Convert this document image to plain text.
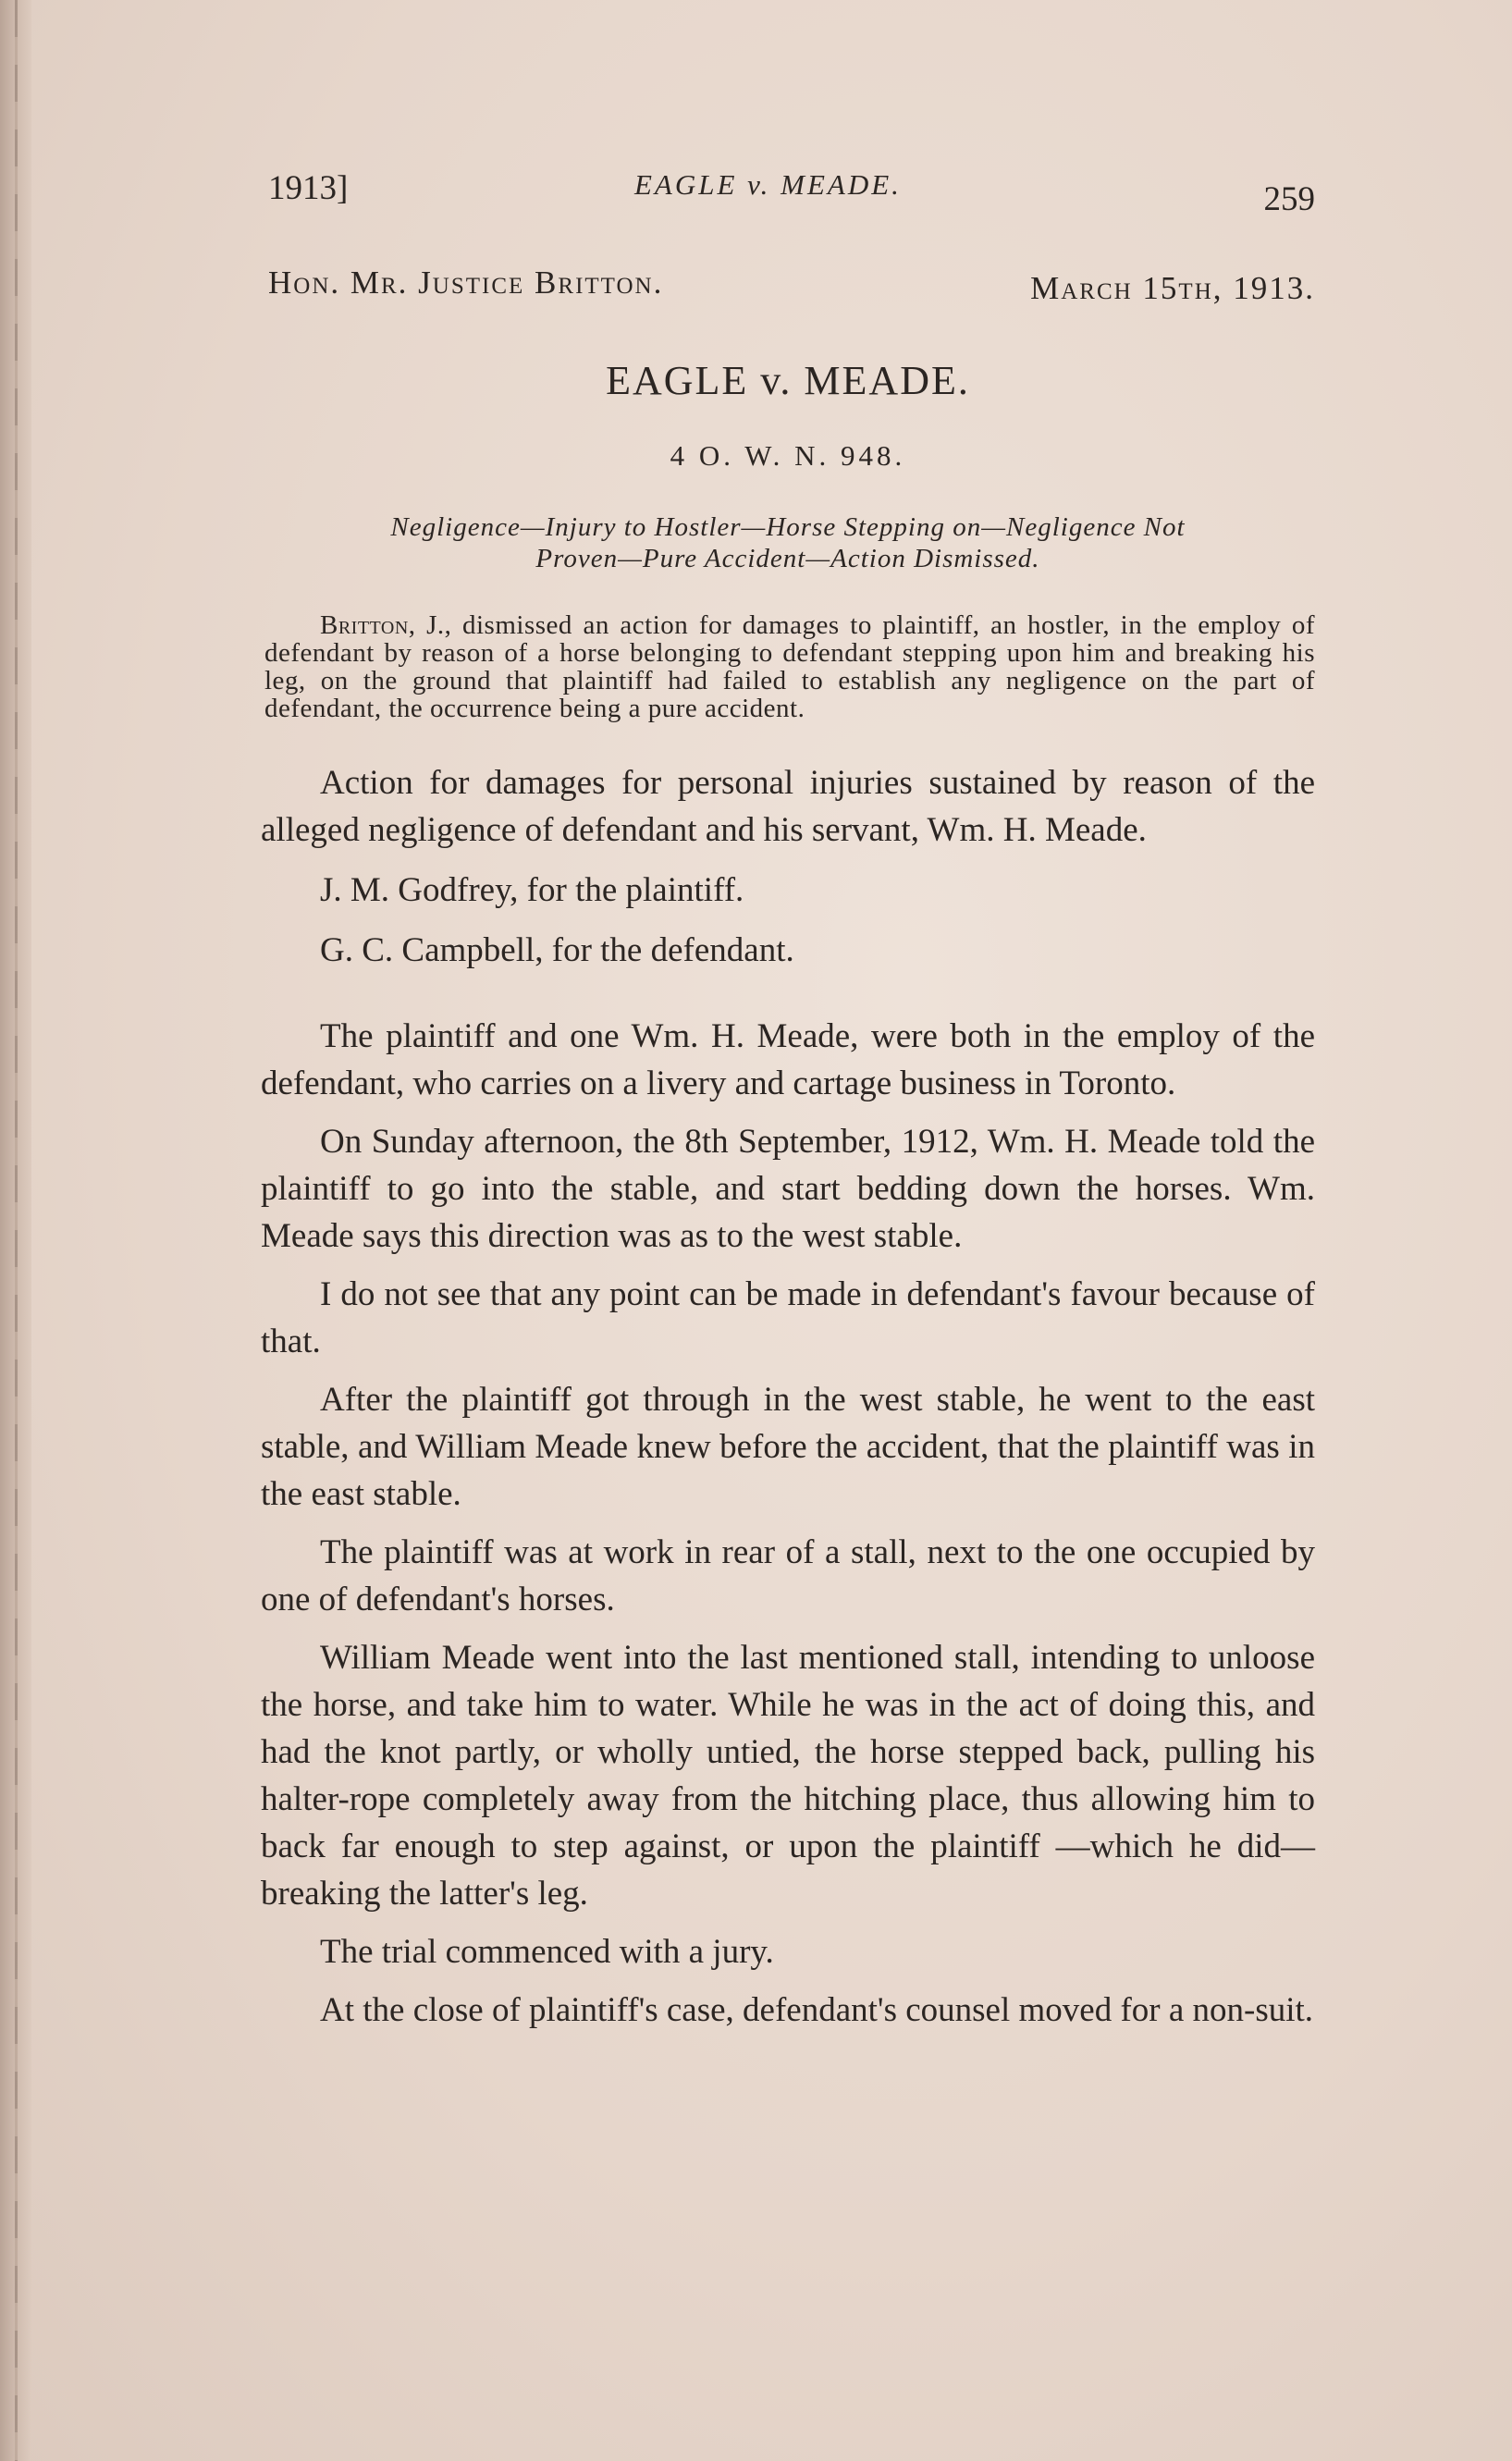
1913]	EAGLE v. MEADE.	259
Hon. Mr. Justice Britton.	March 15th, 1913.
EAGLE v. MEADE.
4 O. W. N. 948.
Negligence—Injury to Hostler—Horse Stepping on—Negligence Not
Proven—Pure Accident—Action Dismissed.
Britton, J., dismissed an action for damages to plaintiff, an hostler, in the employ of defendant by reason of a horse belonging to defendant stepping upon him and breaking his leg, on the ground that plaintiff had failed to establish any negligence on the part of defendant, the occurrence being a pure accident.

Action for damages for personal injuries sustained by reason of the alleged negligence of defendant and his servant, Wm. H. Meade.

J. M. Godfrey, for the plaintiff.

G. C. Campbell, for the defendant.

The plaintiff and one Wm. H. Meade, were both in the employ of the defendant, who carries on a livery and cartage business in Toronto.

On Sunday afternoon, the 8th September, 1912, Wm. H. Meade told the plaintiff to go into the stable, and start bedding down the horses. Wm. Meade says this direction was as to the west stable.

I do not see that any point can be made in defendant's favour because of that.

After the plaintiff got through in the west stable, he went to the east stable, and William Meade knew before the accident, that the plaintiff was in the east stable.

The plaintiff was at work in rear of a stall, next to the one occupied by one of defendant's horses.

William Meade went into the last mentioned stall, intending to unloose the horse, and take him to water. While he was in the act of doing this, and had the knot partly, or wholly untied, the horse stepped back, pulling his halter-rope completely away from the hitching place, thus allowing him to back far enough to step against, or upon the plaintiff —which he did—breaking the latter's leg.

The trial commenced with a jury.

At the close of plaintiff's case, defendant's counsel moved for a non-suit.
